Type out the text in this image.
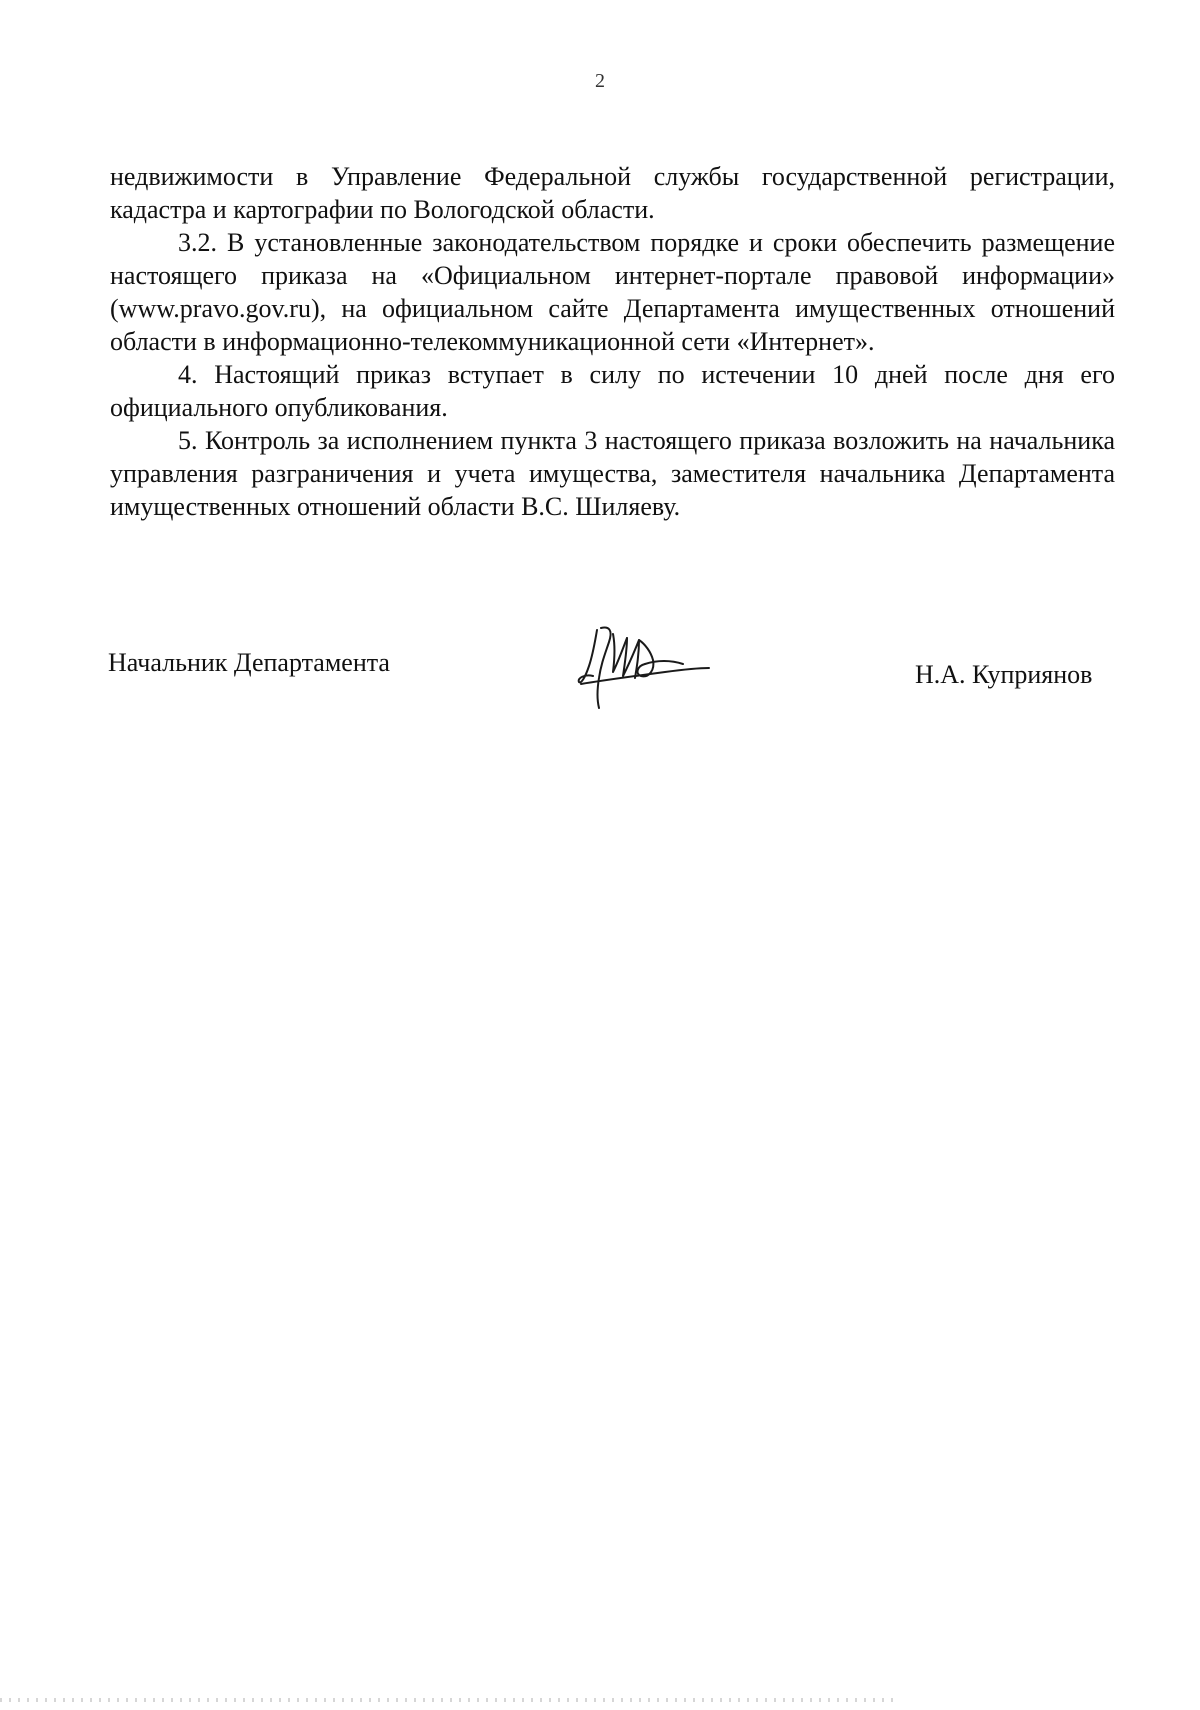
2

недвижимости в Управление Федеральной службы государственной регистрации, кадастра и картографии по Вологодской области.

3.2. В установленные законодательством порядке и сроки обеспечить размещение настоящего приказа на «Официальном интернет-портале правовой информации» (www.pravo.gov.ru), на официальном сайте Департамента имущественных отношений области в информационно-телекоммуникационной сети «Интернет».

4. Настоящий приказ вступает в силу по истечении 10 дней после дня его официального опубликования.

5. Контроль за исполнением пункта 3 настоящего приказа возложить на начальника управления разграничения и учета имущества, заместителя начальника Департамента имущественных отношений области В.С. Шиляеву.

Начальник Департамента	Н.А. Куприянов
